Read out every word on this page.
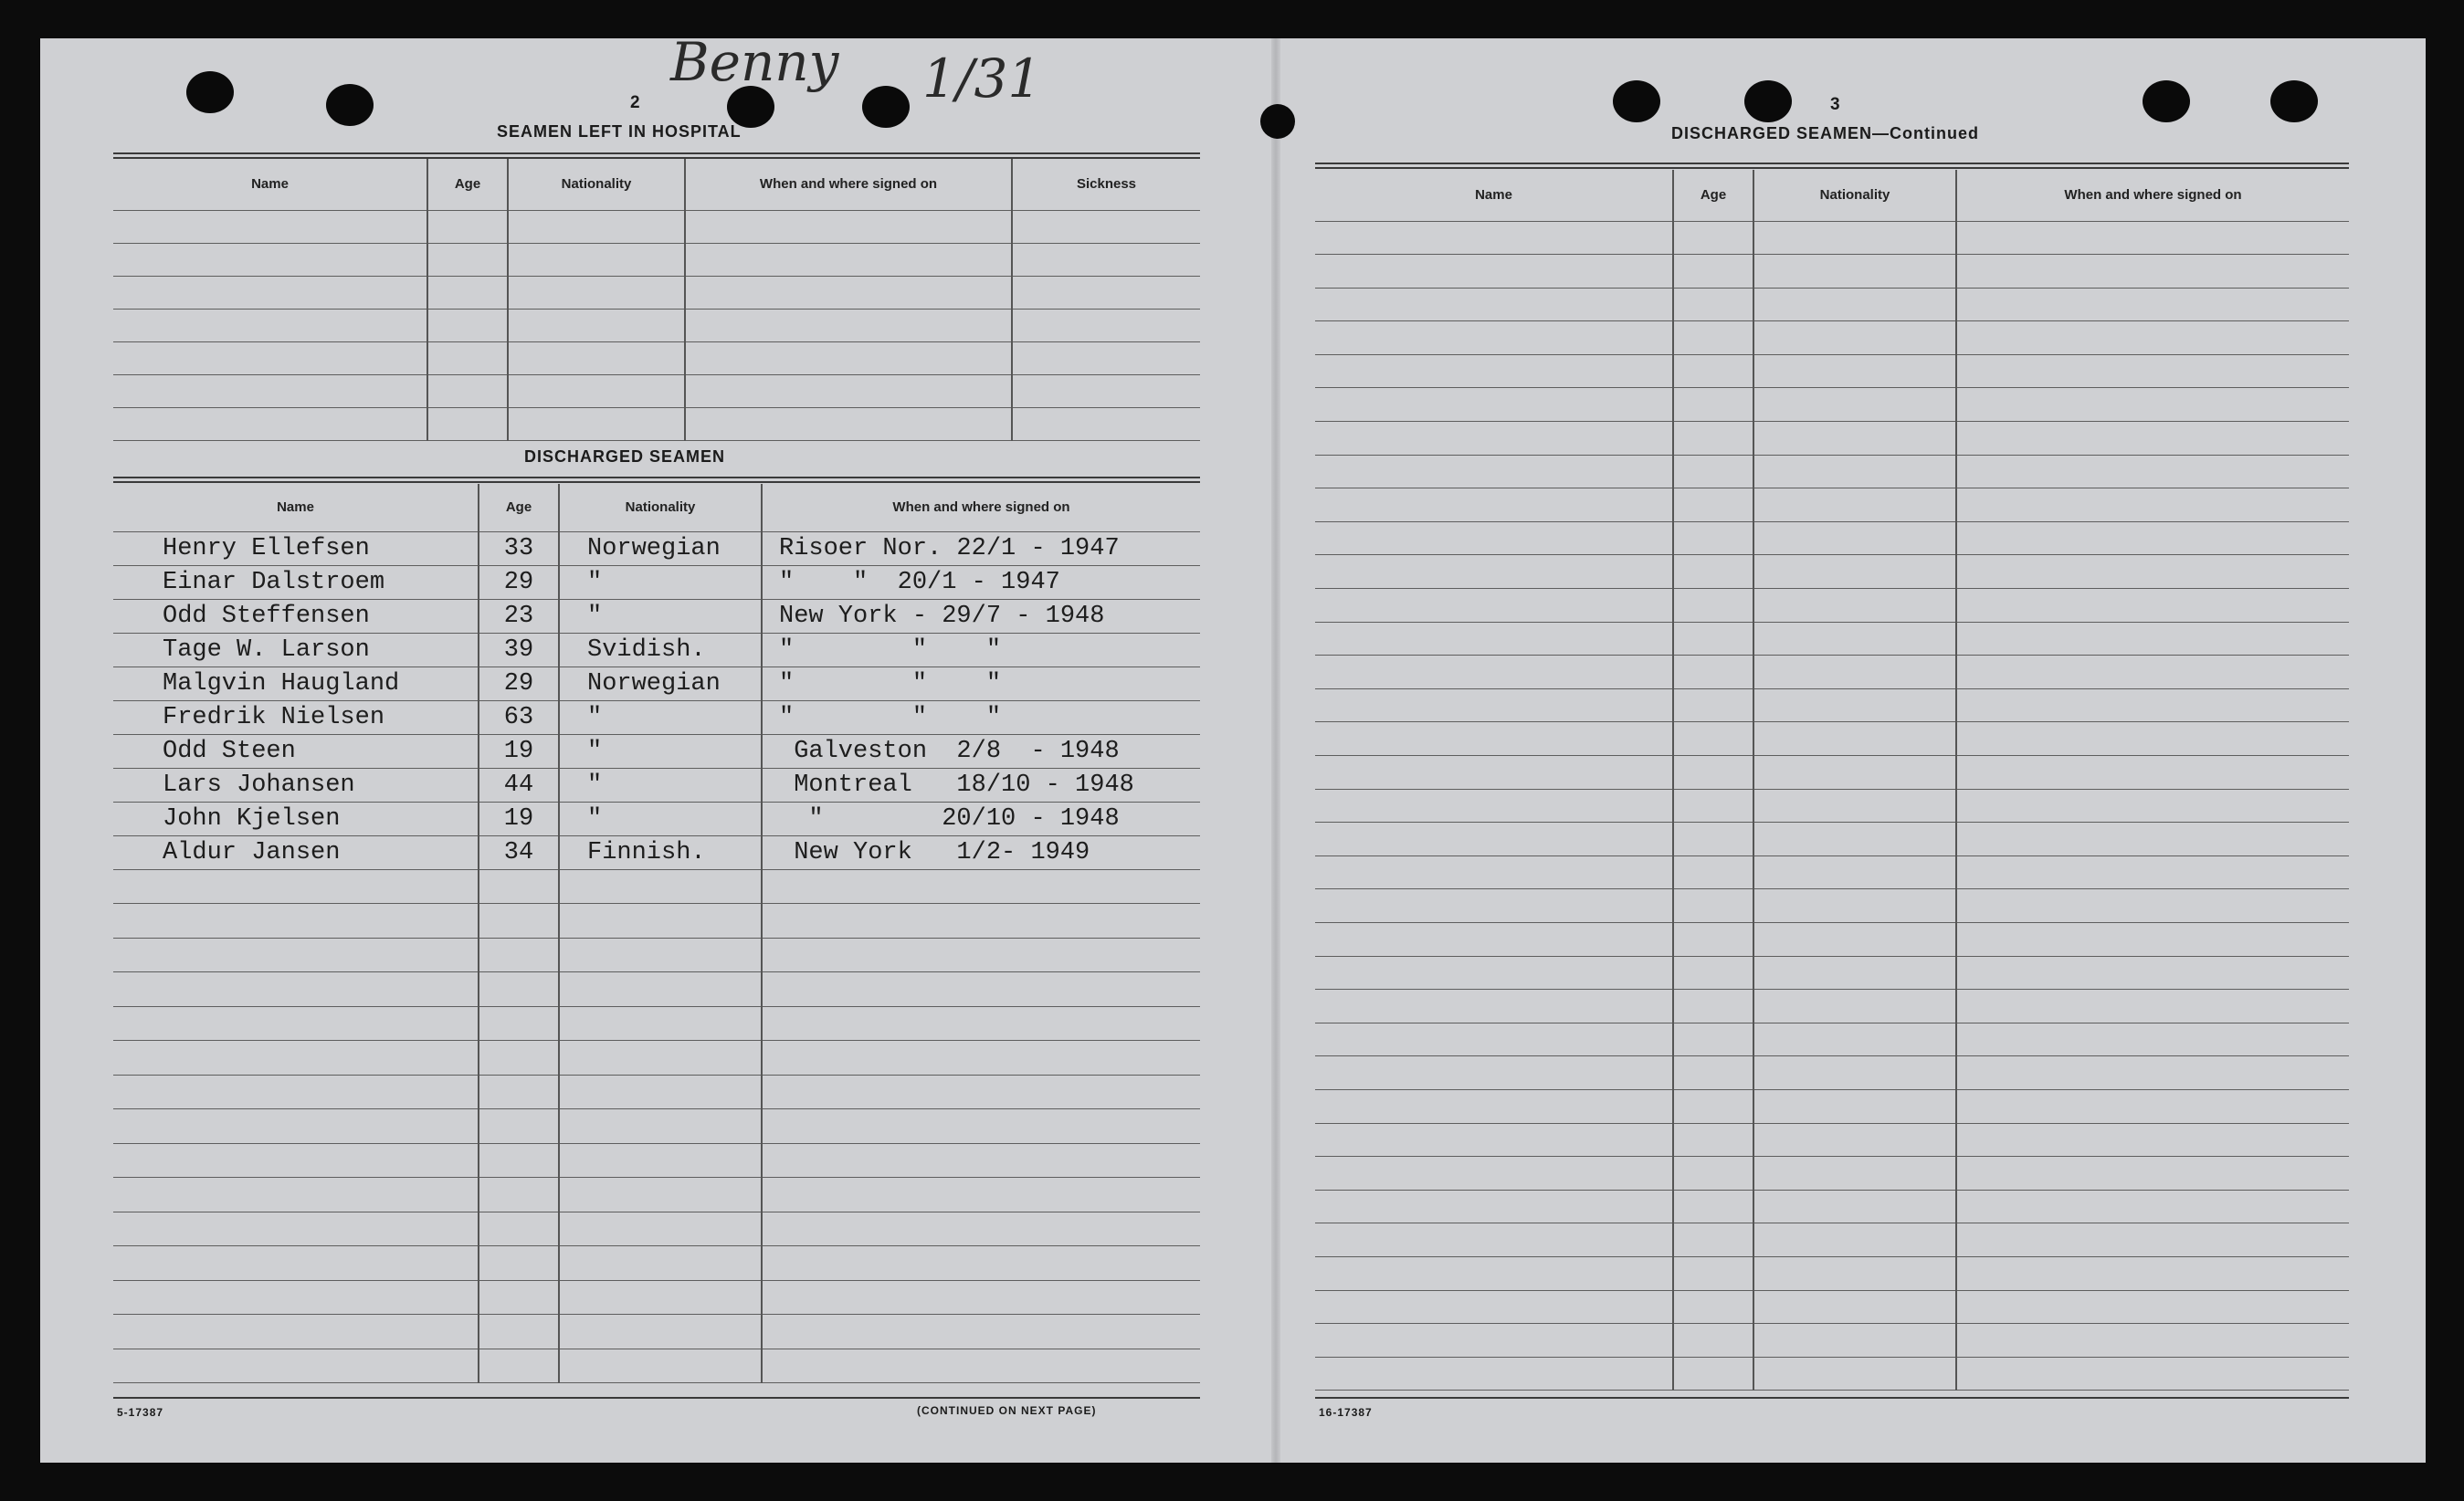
Benny 1/31
2
SEAMEN LEFT IN HOSPITAL
Name	Age	Nationality	When and where signed on	Sickness

DISCHARGED SEAMEN
Name	Age	Nationality	When and where signed on
Henry Ellefsen	33	Norwegian	Risoer Nor. 22/1 - 1947
Einar Dalstroem	29	"	"    "  20/1 - 1947
Odd Steffensen	23	"	New York - 29/7 - 1948
Tage W. Larson	39	Svidish.	"        "    "
Malgvin Haugland	29	Norwegian	"        "    "
Fredrik Nielsen	63	"	"        "    "
Odd Steen	19	"	Galveston  2/8  - 1948
Lars Johansen	44	"	Montreal   18/10 - 1948
John Kjelsen	19	"	"        20/10 - 1948
Aldur Jansen	34	Finnish.	New York   1/2- 1949

5-17387	(CONTINUED ON NEXT PAGE)
3
DISCHARGED SEAMEN—Continued
Name	Age	Nationality	When and where signed on

16-17387
